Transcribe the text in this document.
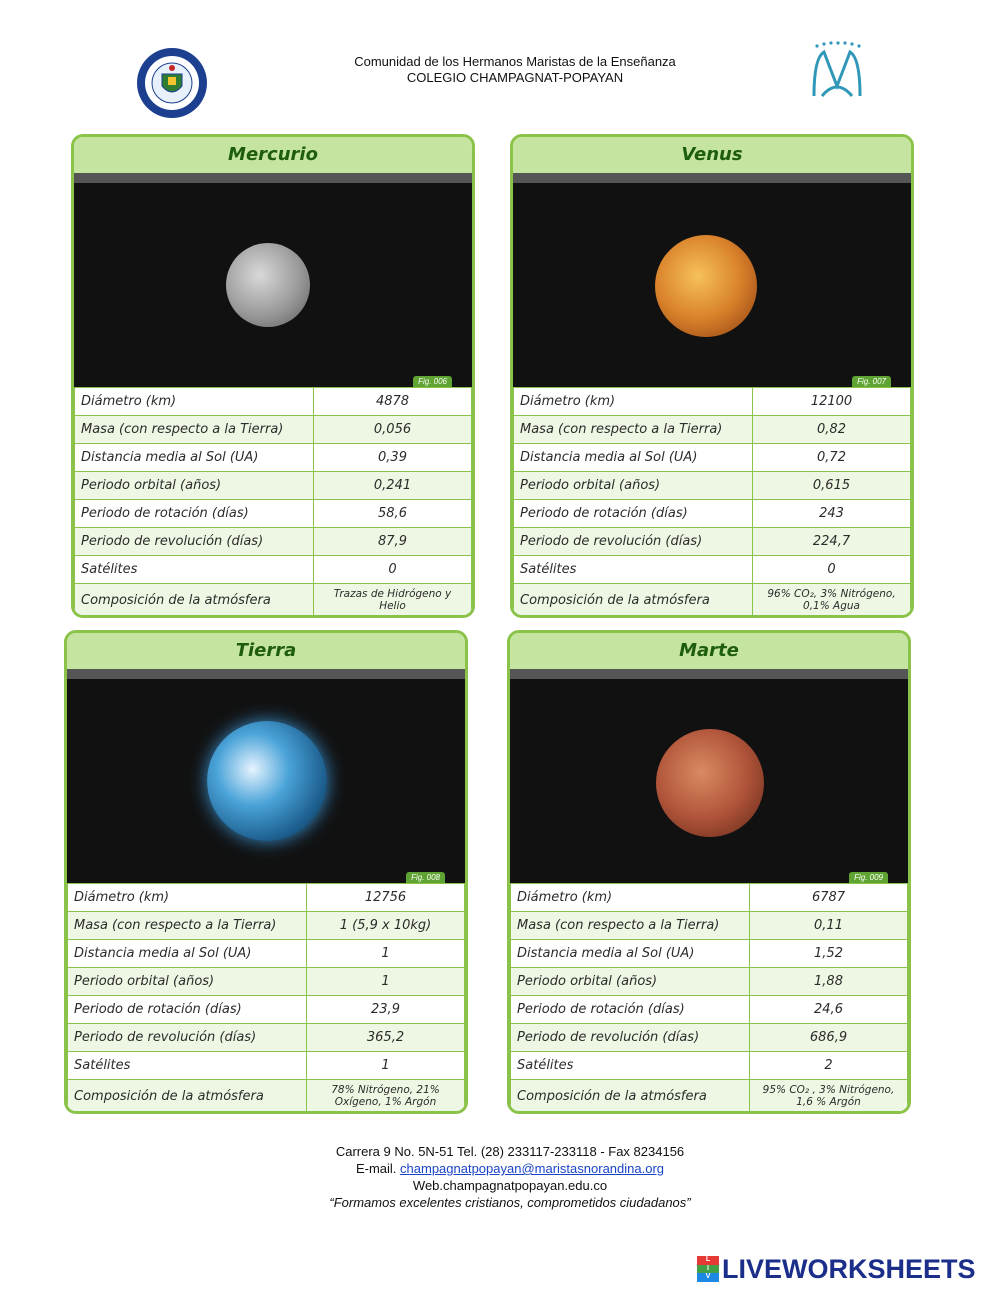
Comunidad de los Hermanos Maristas de la Enseñanza
COLEGIO CHAMPAGNAT-POPAYAN
Mercurio
Fig. 006
Diámetro (km)	4878
Masa (con respecto a la Tierra)	0,056
Distancia media al Sol (UA)	0,39
Periodo orbital (años)	0,241
Periodo de rotación (días)	58,6
Periodo de revolución (días)	87,9
Satélites	0
Composición de la atmósfera	Trazas de Hidrógeno y Helio
Venus
Fig. 007
Diámetro (km)	12100
Masa (con respecto a la Tierra)	0,82
Distancia media al Sol (UA)	0,72
Periodo orbital (años)	0,615
Periodo de rotación (días)	243
Periodo de revolución (días)	224,7
Satélites	0
Composición de la atmósfera	96% CO₂, 3% Nitrógeno, 0,1% Agua
Tierra
Fig. 008
Diámetro (km)	12756
Masa (con respecto a la Tierra)	1 (5,9 x 10kg)
Distancia media al Sol (UA)	1
Periodo orbital (años)	1
Periodo de rotación (días)	23,9
Periodo de revolución (días)	365,2
Satélites	1
Composición de la atmósfera	78% Nitrógeno, 21% Oxígeno, 1% Argón
Marte
Fig. 009
Diámetro (km)	6787
Masa (con respecto a la Tierra)	0,11
Distancia media al Sol (UA)	1,52
Periodo orbital (años)	1,88
Periodo de rotación (días)	24,6
Periodo de revolución (días)	686,9
Satélites	2
Composición de la atmósfera	95% CO₂ , 3% Nitrógeno, 1,6 % Argón
Carrera 9 No. 5N-51 Tel. (28) 233117-233118 - Fax 8234156
E-mail. champagnatpopayan@maristasnorandina.org
Web.champagnatpopayan.edu.co
“Formamos excelentes cristianos, comprometidos ciudadanos”
L
I
V LIVEWORKSHEETS
